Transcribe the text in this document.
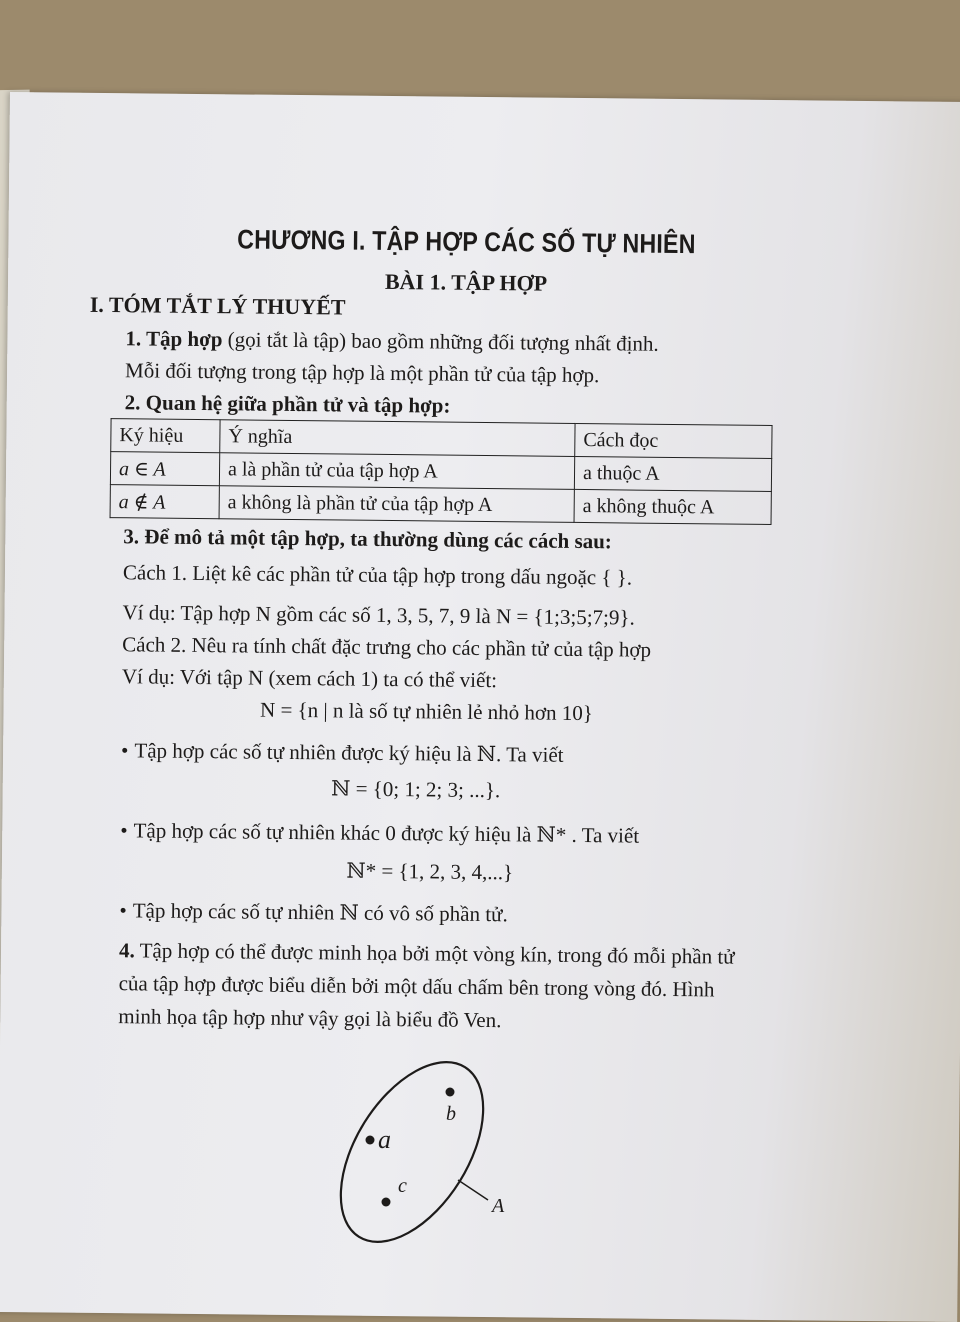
CHƯƠNG I. TẬP HỢP CÁC SỐ TỰ NHIÊN
BÀI 1. TẬP HỢP
I. TÓM TẮT LÝ THUYẾT

1. Tập hợp (gọi tắt là tập) bao gồm những đối tượng nhất định.

Mỗi đối tượng trong tập hợp là một phần tử của tập hợp.

2. Quan hệ giữa phần tử và tập hợp:

Ký hiệu	Ý nghĩa	Cách đọc
a ∈ A	a là phần tử của tập hợp A	a thuộc A
a ∉ A	a không là phần tử của tập hợp A	a không thuộc A

3. Để mô tả một tập hợp, ta thường dùng các cách sau:

Cách 1. Liệt kê các phần tử của tập hợp trong dấu ngoặc { }.

Ví dụ: Tập hợp N gồm các số 1, 3, 5, 7, 9 là N = {1;3;5;7;9}.

Cách 2. Nêu ra tính chất đặc trưng cho các phần tử của tập hợp

Ví dụ: Với tập N (xem cách 1) ta có thể viết:

N = {n | n là số tự nhiên lẻ nhỏ hơn 10}

• Tập hợp các số tự nhiên được ký hiệu là ℕ. Ta viết

ℕ = {0; 1; 2; 3; ...}.

• Tập hợp các số tự nhiên khác 0 được ký hiệu là ℕ* . Ta viết

ℕ* = {1, 2, 3, 4,...}

• Tập hợp các số tự nhiên ℕ có vô số phần tử.

4. Tập hợp có thể được minh họa bởi một vòng kín, trong đó mỗi phần tử của tập hợp được biểu diễn bởi một dấu chấm bên trong vòng đó. Hình minh họa tập hợp như vậy gọi là biểu đồ Ven.

b
a
c
A
